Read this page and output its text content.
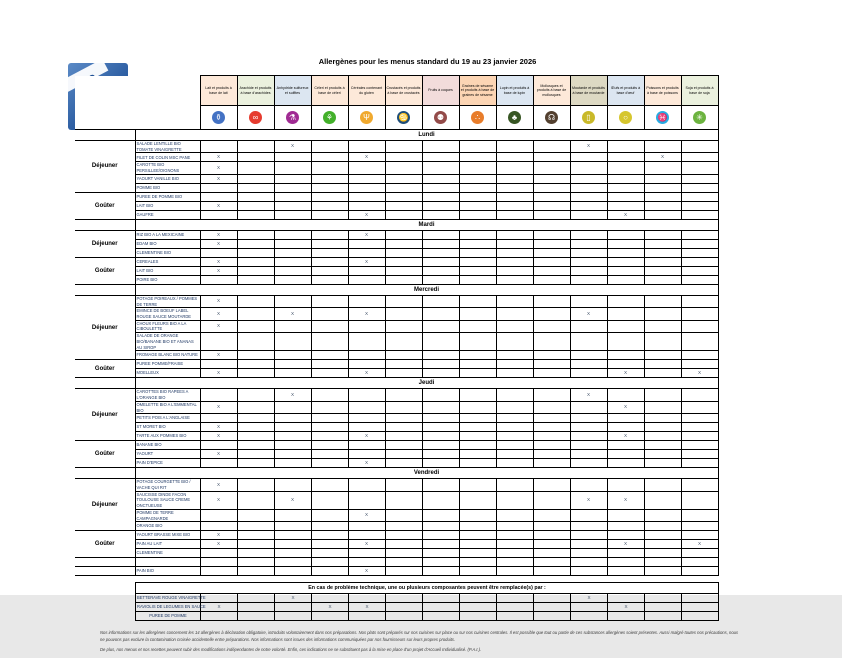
Allergènes pour les menus standard du 19 au 23 janvier 2026
		Lait et produits à base de lait	Arachide et produits à base d'arachides	Anhydride sulfureux et sulfites	Céleri et produits à base de céleri	Céréales contenant du gluten	Crustacés et produits à base de crustacés	Fruits à coques	Graines de sésame et produits à base de graines de sésame	Lupin et produits à base de lupin	Mollusques et produits à base de mollusques	Moutarde et produits à base de moutarde	Œufs et produits à base d'œuf	Poissons et produits à base de poissons	Soja et produits à base de soja

		⚱	∞	⚗	⚘	Ψ	♋	⚉	∴	♣	☊	▯	○	♓	✳

	Lundi														
Déjeuner	SALADE LENTILLE BIO TOMATE VINAIGRETTE			X								X			
	FILET DE COLIN MSC PANE	X				X								X	
	CAROTTE BIO PERSILLEE/OIGNONS	X													
	YAOURT VANILLE BIO	X													
	POMME BIO														
Goûter	PUREE DE POMME BIO														
	LAIT BIO	X													
	GAUFRE					X							X		
	Mardi														
Déjeuner	RIZ BIO A LA MEXICAINE	X				X									
	EDAM BIO	X													
	CLEMENTINE BIO														
Goûter	CEREALES	X				X									
	LAIT BIO	X													
	POIRE BIO														
	Mercredi														
Déjeuner	POTAGE POIREAUX / POMMES DE TERRE	X													
	EMINCE DE BOEUF LABEL ROUGE SAUCE MOUTARDE	X		X		X						X			
	CHOUX FLEURS BIO A LA CIBOULETTE	X													
	SALADE DE ORANGE BIO/BANANE BIO ET ANANAS AU SIROP														
	FROMAGE BLANC BIO NATURE	X													
Goûter	PUREE POMME/FRAISE														
	MOELLEUX	X				X							X		X
	Jeudi														
Déjeuner	CAROTTES BIO RAPEES A L'ORANGE BIO			X								X			
	OMELETTE BIO A L'EMMENTAL BIO	X											X		
	PETITS POIS A L'ANGLAISE														
	ST MORET BIO	X													
	TARTE AUX POMMES BIO	X				X							X		
Goûter	BANANE BIO														
	YAOURT	X													
	PAIN D'EPICE					X									
	Vendredi														
Déjeuner	POTAGE COURGETTE BIO / VACHE QUI RIT	X													
	SAUCISSE DINDE FACON TOULOUSE SAUCE CREME ONCTUEUSE	X		X								X	X		
	POMME DE TERRE CAMPAGNARDE					X									
	ORANGE BIO														
Goûter	YAOURT BRASSE MIXE BIO	X													
	PAIN AU LAIT	X				X							X		X
	CLEMENTINE														

	PAIN BIO					X									
En cas de problème technique, une ou plusieurs composantes peuvent être remplacée(s) par :														
BETTERAVE ROUGE VINAIGRETTE			X								X			
RAVIOLIS DE LEGUMES EN SAUCE	X			X	X							X		
PUREE DE POMME														

Nos informations sur les allergènes concernent les 14 allergènes à déclaration obligatoire, introduits volontairement dans nos préparations. Nos plats sont préparés sur nos cuisines sur place ou sur nos cuisines centrales. Il est possible que tout ou partie de ces substances allergènes soient présentes. Aussi malgré toutes nos précautions, nous ne pouvons pas exclure la contamination croisée accidentelle entre préparations. Nos informations sont issues des informations communiquées par nos fournisseurs sur leurs propres produits.

De plus, nos menus et nos recettes peuvent subir des modifications indépendantes de notre volonté. Enfin, ces indications ne se substituent pas à la mise en place d'un projet d'Accueil Individualisé. (P.A.I.).
